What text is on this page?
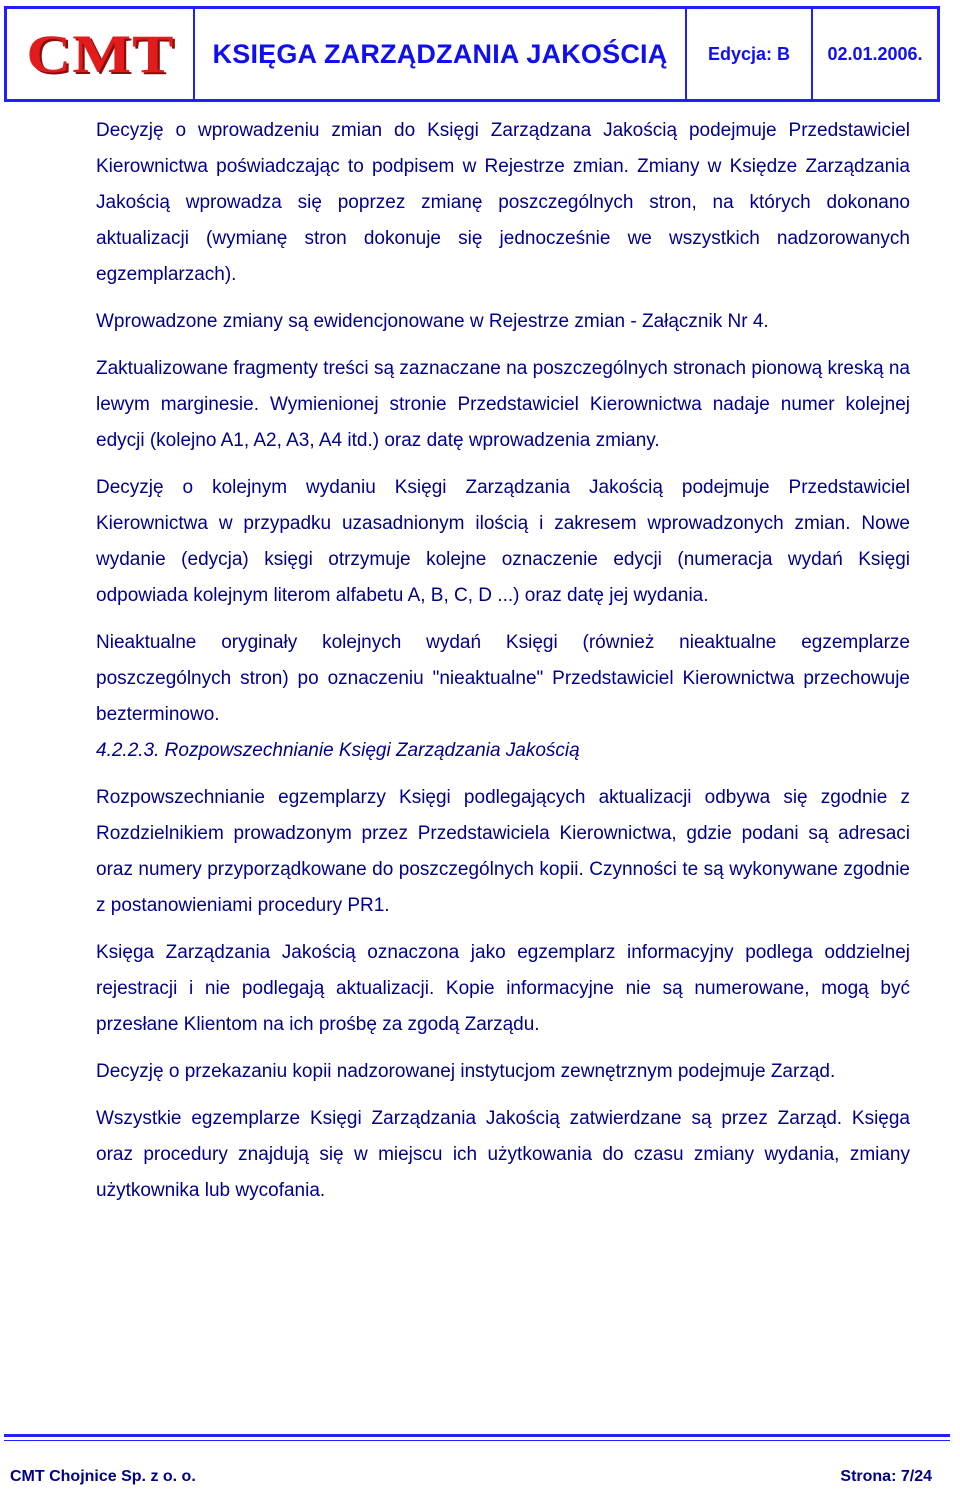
CMT KSIĘGA ZARZĄDZANIA JAKOŚCIĄ Edycja: B 02.01.2006.

Decyzję o wprowadzeniu zmian do Księgi Zarządzana Jakością podejmuje Przedstawiciel Kierownictwa poświadczając to podpisem w Rejestrze zmian. Zmiany w Księdze Zarządzania Jakością wprowadza się poprzez zmianę poszczególnych stron, na których dokonano aktualizacji (wymianę stron dokonuje się jednocześnie we wszystkich nadzorowanych egzemplarzach).

Wprowadzone zmiany są ewidencjonowane w Rejestrze zmian - Załącznik Nr 4.

Zaktualizowane fragmenty treści są zaznaczane na poszczególnych stronach pionową kreską na lewym marginesie. Wymienionej stronie Przedstawiciel Kierownictwa nadaje numer kolejnej edycji (kolejno A1, A2, A3, A4 itd.) oraz datę wprowadzenia zmiany.

Decyzję o kolejnym wydaniu Księgi Zarządzania Jakością podejmuje Przedstawiciel Kierownictwa w przypadku uzasadnionym ilością i zakresem wprowadzonych zmian. Nowe wydanie (edycja) księgi otrzymuje kolejne oznaczenie edycji (numeracja wydań Księgi odpowiada kolejnym literom alfabetu A, B, C, D ...) oraz datę jej wydania.

Nieaktualne oryginały kolejnych wydań Księgi (również nieaktualne egzemplarze poszczególnych stron) po oznaczeniu "nieaktualne" Przedstawiciel Kierownictwa przechowuje bezterminowo.

4.2.2.3. Rozpowszechnianie Księgi Zarządzania Jakością

Rozpowszechnianie egzemplarzy Księgi podlegających aktualizacji odbywa się zgodnie z Rozdzielnikiem prowadzonym przez Przedstawiciela Kierownictwa, gdzie podani są adresaci oraz numery przyporządkowane do poszczególnych kopii. Czynności te są wykonywane zgodnie z postanowieniami procedury PR1.

Księga Zarządzania Jakością oznaczona jako egzemplarz informacyjny podlega oddzielnej rejestracji i nie podlegają aktualizacji. Kopie informacyjne nie są numerowane, mogą być przesłane Klientom na ich prośbę za zgodą Zarządu.

Decyzję o przekazaniu kopii nadzorowanej instytucjom zewnętrznym podejmuje Zarząd.

Wszystkie egzemplarze Księgi Zarządzania Jakością zatwierdzane są przez Zarząd. Księga oraz procedury znajdują się w miejscu ich użytkowania do czasu zmiany wydania, zmiany użytkownika lub wycofania.

CMT Chojnice Sp. z o. o.	Strona: 7/24
